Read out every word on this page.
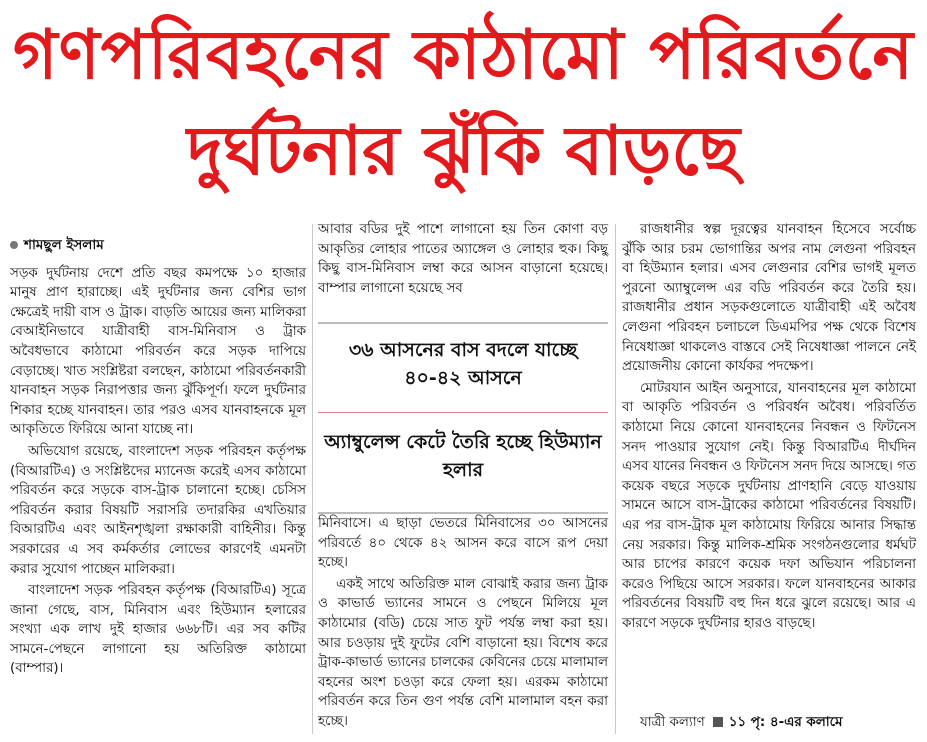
গণপরিবহনের কাঠামো পরিবর্তনে
দুর্ঘটনার ঝুঁকি বাড়ছে
শামছুল ইসলাম

সড়ক দুর্ঘটনায় দেশে প্রতি বছর কমপক্ষে ১০ হাজার মানুষ প্রাণ হারাচ্ছে। এই দুর্ঘটনার জন্য বেশির ভাগ ক্ষেত্রেই দায়ী বাস ও ট্রাক। বাড়তি আয়ের জন্য মালিকরা বেআইনিভাবে যাত্রীবাহী বাস-মিনিবাস ও ট্রাক অবৈধভাবে কাঠামো পরিবর্তন করে সড়ক দাপিয়ে বেড়াচ্ছে। খাত সংশ্লিষ্টরা বলছেন, কাঠামো পরিবর্তনকারী যানবাহন সড়ক নিরাপত্তার জন্য ঝুঁকিপূর্ণ। ফলে দুর্ঘটনার শিকার হচ্ছে যানবাহন। তার পরও এসব যানবাহনকে মূল আকৃতিতে ফিরিয়ে আনা যাচ্ছে না।

অভিযোগ রয়েছে, বাংলাদেশ সড়ক পরিবহন কর্তৃপক্ষ (বিআরটিএ) ও সংশ্লিষ্টদের ম্যানেজ করেই এসব কাঠামো পরিবর্তন করে সড়কে বাস-ট্রাক চালানো হচ্ছে। চেসিস পরিবর্তন করার বিষয়টি সরাসরি তদারকির এখতিয়ার বিআরটিএ এবং আইনশৃঙ্খলা রক্ষাকারী বাহিনীর। কিন্তু সরকারের এ সব কর্মকর্তার লোভের কারণেই এমনটা করার সুযোগ পাচ্ছেন মালিকরা।

বাংলাদেশ সড়ক পরিবহন কর্তৃপক্ষ (বিআরটিএ) সূত্রে জানা গেছে, বাস, মিনিবাস এবং হিউম্যান হলারের সংখ্যা এক লাখ দুই হাজার ৬৬৮টি। এর সব কটির সামনে-পেছনে লাগানো হয় অতিরিক্ত কাঠামো (বাম্পার)।

আবার বডির দুই পাশে লাগানো হয় তিন কোণা বড় আকৃতির লোহার পাতের অ্যাঙ্গেল ও লোহার হুক। কিছু কিছু বাস-মিনিবাস লম্বা করে আসন বাড়ানো হয়েছে। বাম্পার লাগানো হয়েছে সব

৩৬ আসনের বাস বদলে যাচ্ছে ৪০-৪২ আসনে
অ্যাম্বুলেন্স কেটে তৈরি হচ্ছে হিউম্যান হলার

মিনিবাসে। এ ছাড়া ভেতরে মিনিবাসের ৩০ আসনের পরিবর্তে ৪০ থেকে ৪২ আসন করে বাসে রূপ দেয়া হচ্ছে।

একই সাথে অতিরিক্ত মাল বোঝাই করার জন্য ট্রাক ও কাভার্ড ভ্যানের সামনে ও পেছনে মিলিয়ে মূল কাঠামোর (বডি) চেয়ে সাত ফুট পর্যন্ত লম্বা করা হয়। আর চওড়ায় দুই ফুটের বেশি বাড়ানো হয়। বিশেষ করে ট্রাক-কাভার্ড ভ্যানের চালকের কেবিনের চেয়ে মালামাল বহনের অংশ চওড়া করে ফেলা হয়। এরকম কাঠামো পরিবর্তন করে তিন গুণ পর্যন্ত বেশি মালামাল বহন করা হচ্ছে।

রাজধানীর স্বল্প দূরত্বের যানবাহন হিসেবে সর্বোচ্চ ঝুঁকি আর চরম ভোগান্তির অপর নাম লেগুনা পরিবহন বা হিউম্যান হলার। এসব লেগুনার বেশির ভাগই মূলত পুরনো অ্যাম্বুলেন্স এর বডি পরিবর্তন করে তৈরি হয়। রাজধানীর প্রধান সড়কগুলোতে যাত্রীবাহী এই অবৈধ লেগুনা পরিবহন চলাচলে ডিএমপির পক্ষ থেকে বিশেষ নিষেধাজ্ঞা থাকলেও বাস্তবে সেই নিষেধাজ্ঞা পালনে নেই প্রয়োজনীয় কোনো কার্যকর পদক্ষেপ।

মোটরযান আইন অনুসারে, যানবাহনের মূল কাঠামো বা আকৃতি পরিবর্তন ও পরিবর্ধন অবৈধ। পরিবর্তিত কাঠামো নিয়ে কোনো যানবাহনের নিবন্ধন ও ফিটনেস সনদ পাওয়ার সুযোগ নেই। কিন্তু বিআরটিএ দীর্ঘদিন এসব যানের নিবন্ধন ও ফিটনেস সনদ দিয়ে আসছে। গত কয়েক বছরে সড়কে দুর্ঘটনায় প্রাণহানি বেড়ে যাওয়ায় সামনে আসে বাস-ট্রাকের কাঠামো পরিবর্তনের বিষয়টি। এর পর বাস-ট্রাক মূল কাঠামোয় ফিরিয়ে আনার সিদ্ধান্ত নেয় সরকার। কিন্তু মালিক-শ্রমিক সংগঠনগুলোর ধর্মঘট আর চাপের কারণে কয়েক দফা অভিযান পরিচালনা করেও পিছিয়ে আসে সরকার। ফলে যানবাহনের আকার পরিবর্তনের বিষয়টি বহু দিন ধরে ঝুলে রয়েছে। আর এ কারণে সড়কে দুর্ঘটনার হারও বাড়ছে।

যাত্রী কল্যাণ ১১ পৃ: ৪-এর কলামে
